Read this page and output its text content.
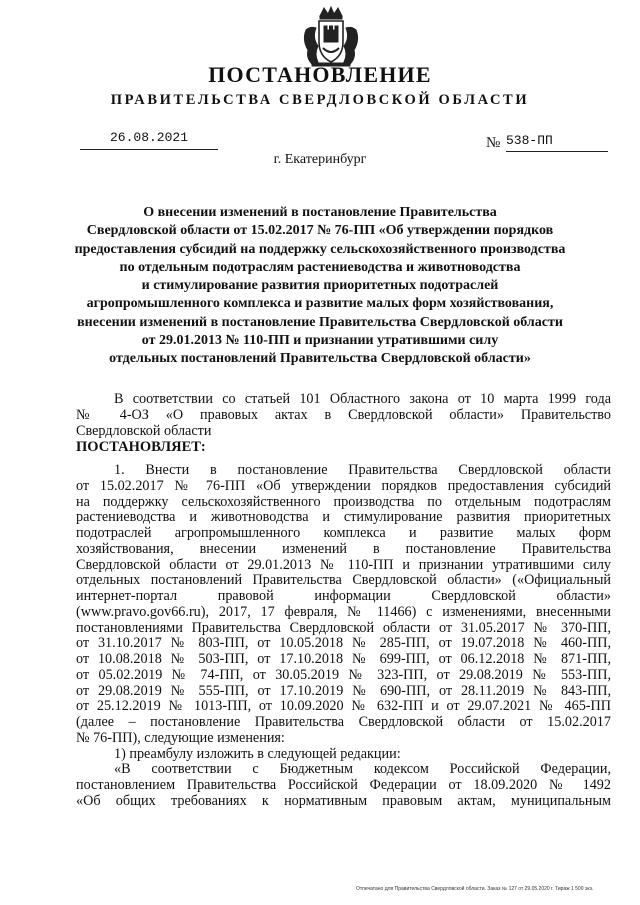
ПОСТАНОВЛЕНИЕ
ПРАВИТЕЛЬСТВА СВЕРДЛОВСКОЙ ОБЛАСТИ
26.08.2021	№ 538-ПП
г. Екатеринбург
О внесении изменений в постановление Правительства
Свердловской области от 15.02.2017 № 76-ПП «Об утверждении порядков
предоставления субсидий на поддержку сельскохозяйственного производства
по отдельным подотраслям растениеводства и животноводства
и стимулирование развития приоритетных подотраслей
агропромышленного комплекса и развитие малых форм хозяйствования,
внесении изменений в постановление Правительства Свердловской области
от 29.01.2013 № 110-ПП и признании утратившими силу
отдельных постановлений Правительства Свердловской области»
В соответствии со статьей 101 Областного закона от 10 марта 1999 года
№ 4-ОЗ «О правовых актах в Свердловской области» Правительство
Свердловской области
ПОСТАНОВЛЯЕТ:
1. Внести в постановление Правительства Свердловской области
от 15.02.2017 № 76-ПП «Об утверждении порядков предоставления субсидий
на поддержку сельскохозяйственного производства по отдельным подотраслям
растениеводства и животноводства и стимулирование развития приоритетных
подотраслей агропромышленного комплекса и развитие малых форм
хозяйствования, внесении изменений в постановление Правительства
Свердловской области от 29.01.2013 № 110-ПП и признании утратившими силу
отдельных постановлений Правительства Свердловской области» («Официальный
интернет-портал правовой информации Свердловской области»
(www.pravo.gov66.ru), 2017, 17 февраля, № 11466) с изменениями, внесенными
постановлениями Правительства Свердловской области от 31.05.2017 № 370-ПП,
от 31.10.2017 № 803-ПП, от 10.05.2018 № 285-ПП, от 19.07.2018 № 460-ПП,
от 10.08.2018 № 503-ПП, от 17.10.2018 № 699-ПП, от 06.12.2018 № 871-ПП,
от 05.02.2019 № 74-ПП, от 30.05.2019 № 323-ПП, от 29.08.2019 № 553-ПП,
от 29.08.2019 № 555-ПП, от 17.10.2019 № 690-ПП, от 28.11.2019 № 843-ПП,
от 25.12.2019 № 1013-ПП, от 10.09.2020 № 632-ПП и от 29.07.2021 № 465-ПП
(далее – постановление Правительства Свердловской области от 15.02.2017
№ 76-ПП), следующие изменения:
1) преамбулу изложить в следующей редакции:
«В соответствии с Бюджетным кодексом Российской Федерации,
постановлением Правительства Российской Федерации от 18.09.2020 № 1492
«Об общих требованиях к нормативным правовым актам, муниципальным
Отпечатано для Правительства Свердловской области. Заказ № 127 от 29.05.2020 г. Тираж 1 500 экз.
